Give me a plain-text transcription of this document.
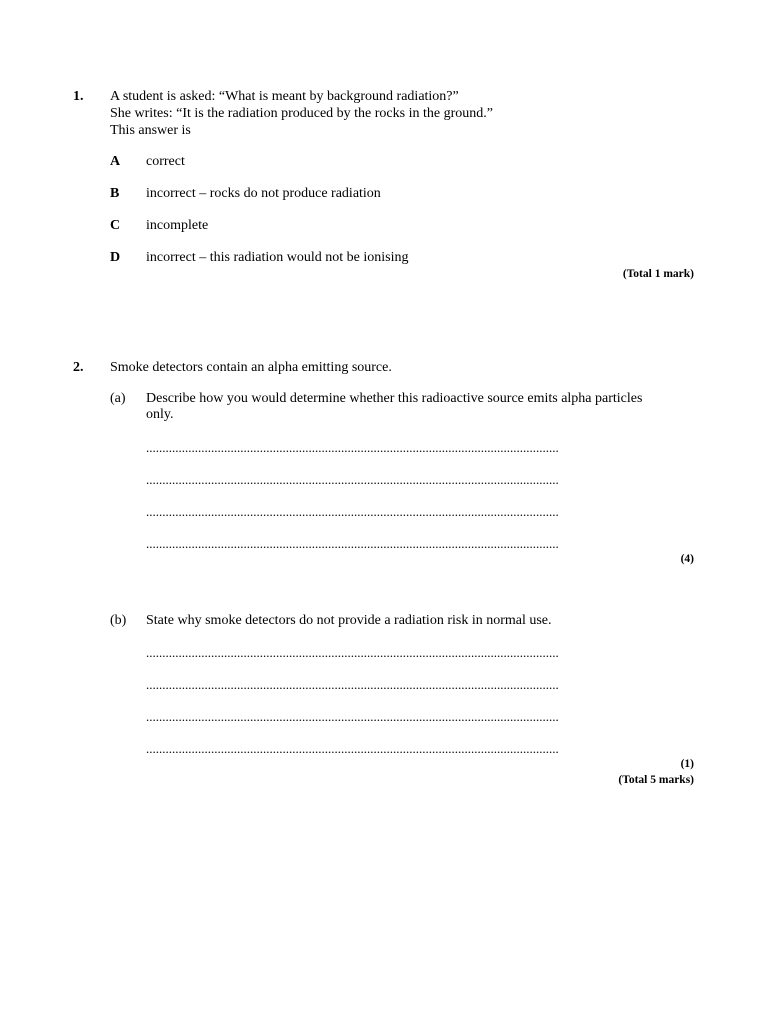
1. A student is asked: “What is meant by background radiation?”
She writes: “It is the radiation produced by the rocks in the ground.”
This answer is
A correct
B incorrect – rocks do not produce radiation
C incomplete
D incorrect – this radiation would not be ionising
(Total 1 mark)
2. Smoke detectors contain an alpha emitting source.
(a) Describe how you would determine whether this radioactive source emits alpha particles
only.
...............................................................................................................................
...............................................................................................................................
...............................................................................................................................
...............................................................................................................................
(4)
(b) State why smoke detectors do not provide a radiation risk in normal use.
...............................................................................................................................
...............................................................................................................................
...............................................................................................................................
...............................................................................................................................
(1)
(Total 5 marks)
